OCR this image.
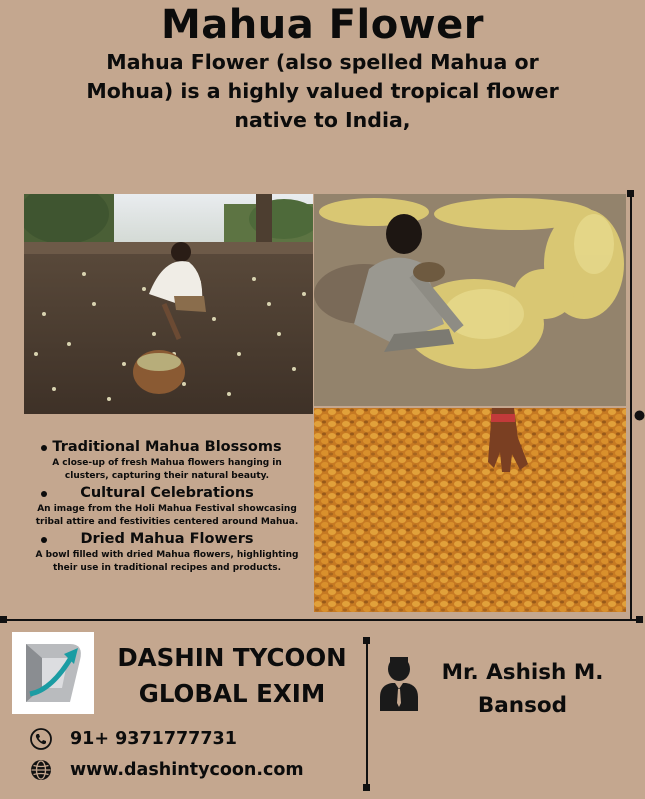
Mahua Flower
Mahua Flower (also spelled Mahua or Mohua) is a highly valued tropical flower native to India,
Traditional Mahua Blossoms
A close-up of fresh Mahua flowers hanging in clusters, capturing their natural beauty.
Cultural Celebrations
An image from the Holi Mahua Festival showcasing tribal attire and festivities centered around Mahua.
Dried Mahua Flowers
A bowl filled with dried Mahua flowers, highlighting their use in traditional recipes and products.
DASHIN TYCOON
GLOBAL EXIM
Mr. Ashish M.
Bansod
91+ 9371777731
www.dashintycoon.com
